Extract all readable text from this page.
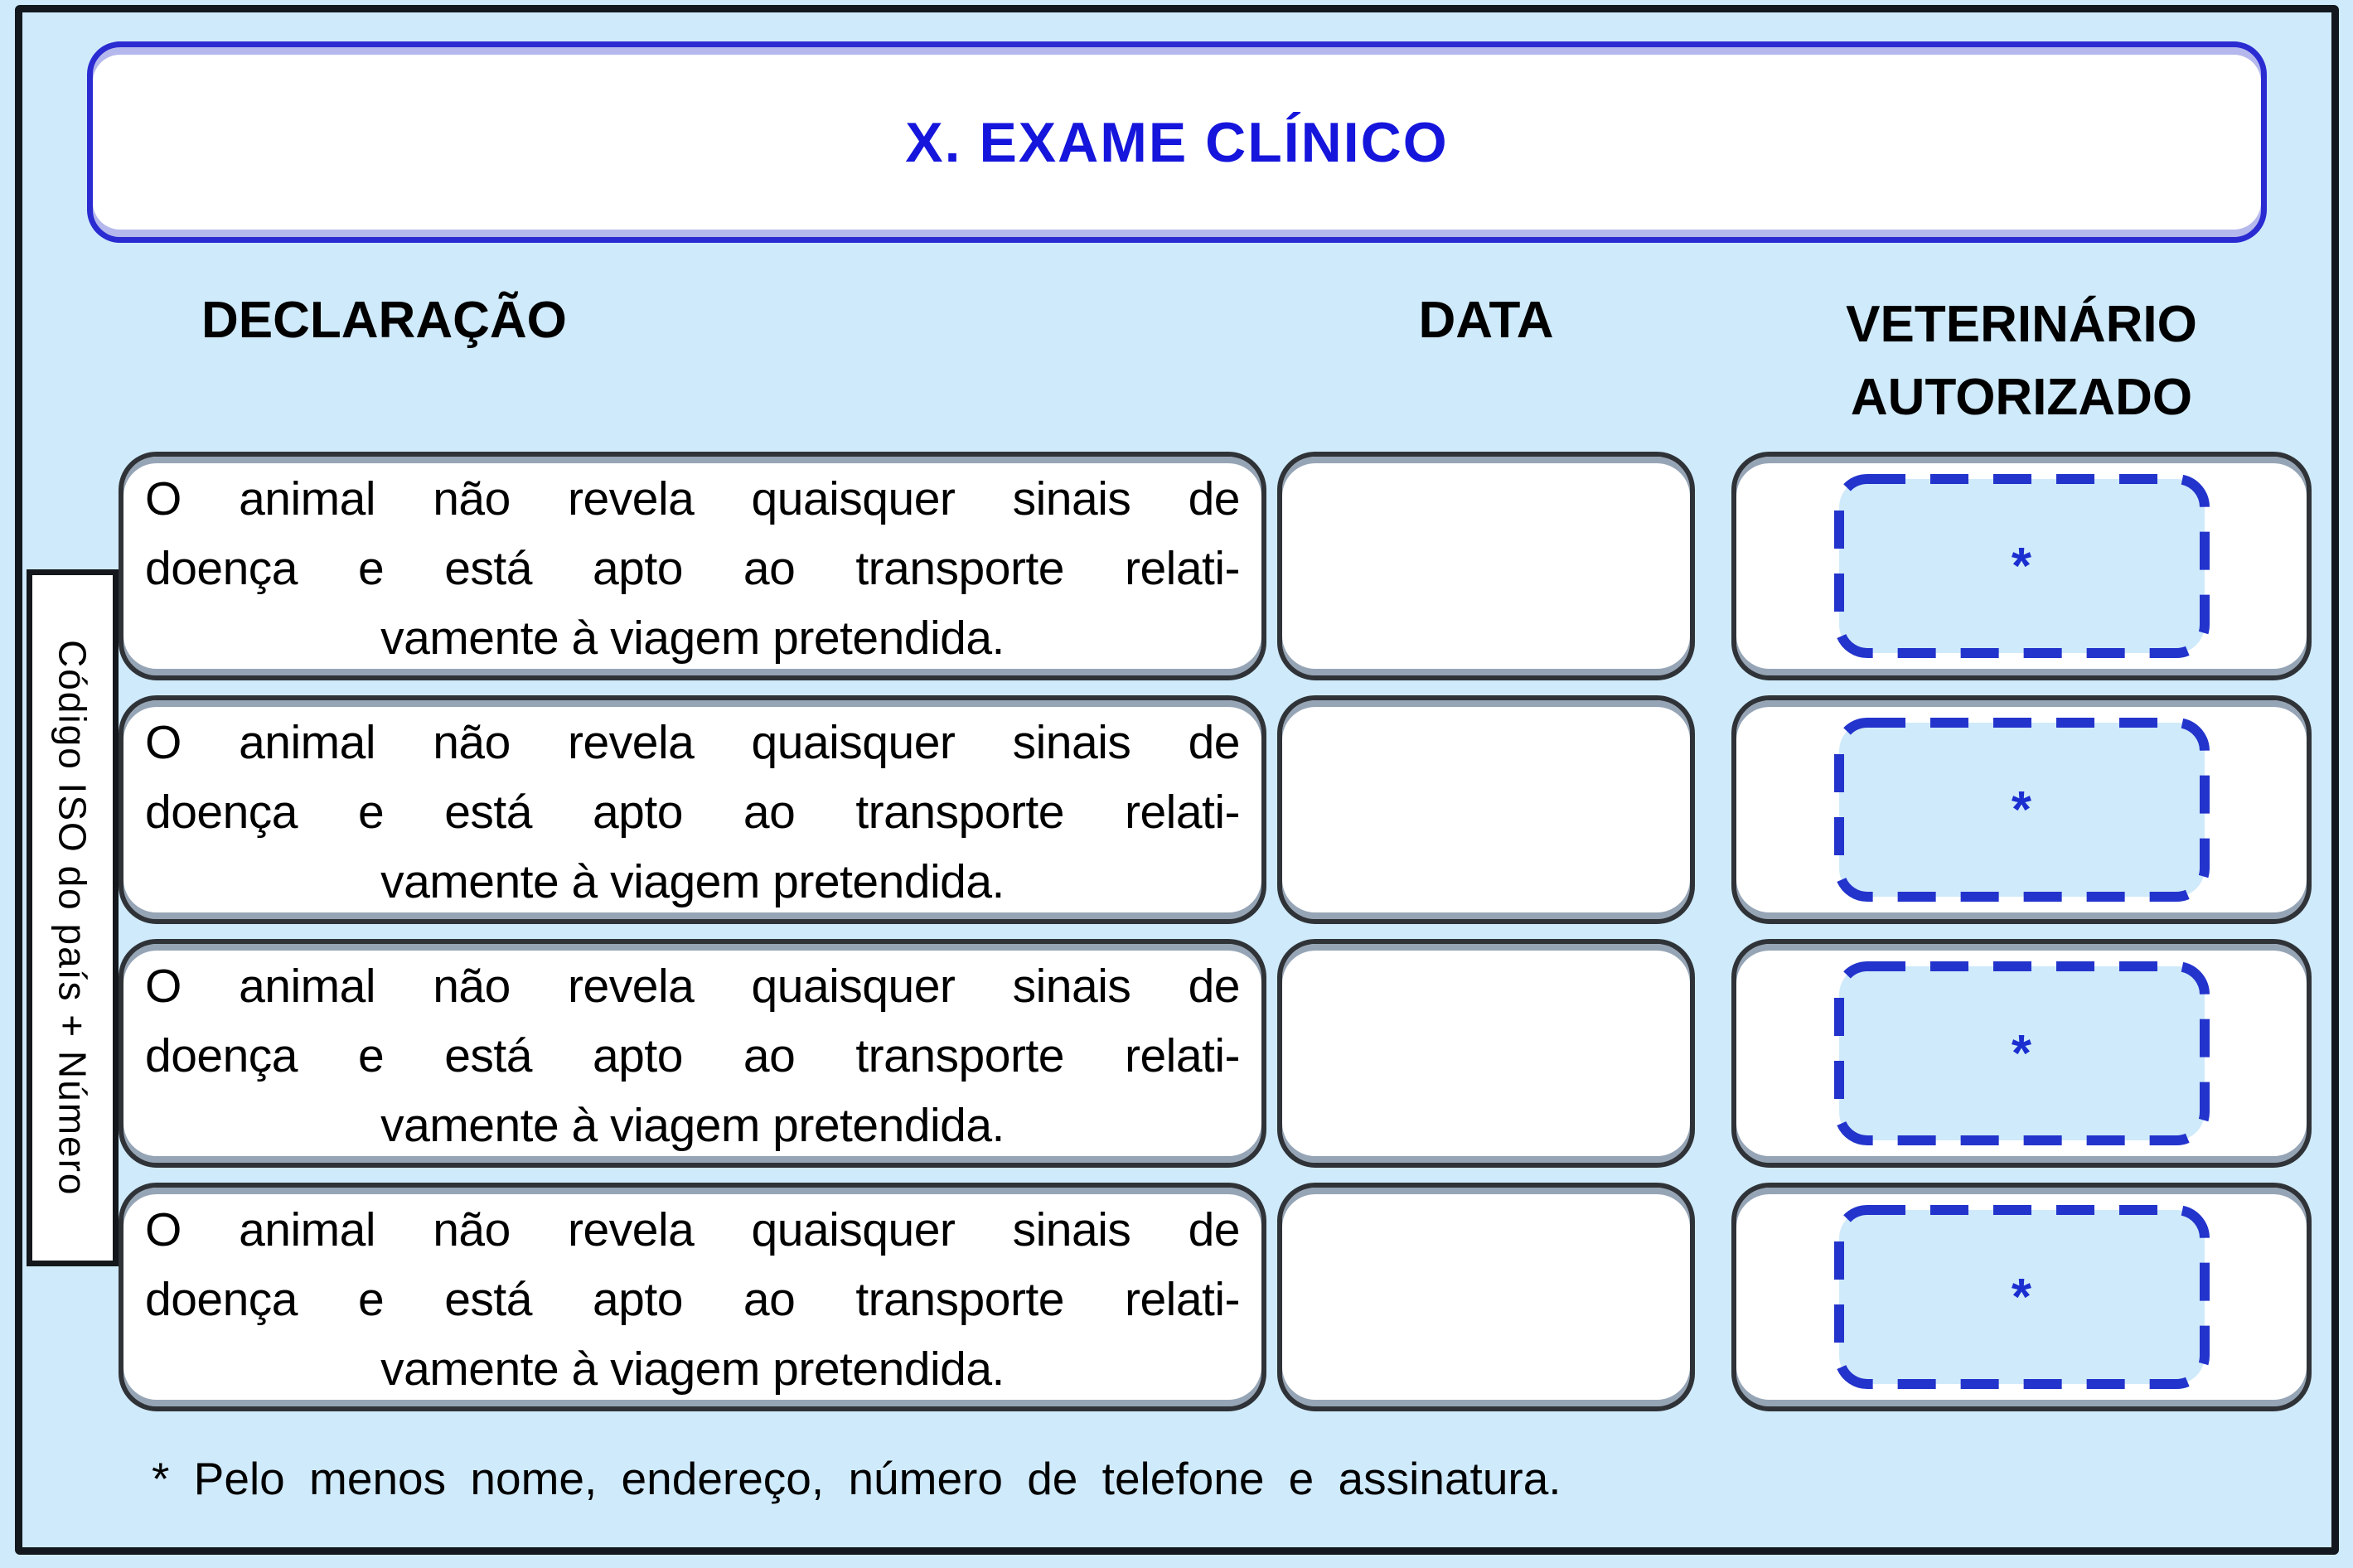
X. EXAME CLÍNICO
DECLARAÇÃO	DATA	VETERINÁRIO
AUTORIZADO
Código ISO do país + Número
O animal não revela quaisquer sinais de
doença e está apto ao transporte relati-
vamente à viagem pretendida.
*
O animal não revela quaisquer sinais de
doença e está apto ao transporte relati-
vamente à viagem pretendida.
*
O animal não revela quaisquer sinais de
doença e está apto ao transporte relati-
vamente à viagem pretendida.
*
O animal não revela quaisquer sinais de
doença e está apto ao transporte relati-
vamente à viagem pretendida.
*
* Pelo menos nome, endereço, número de telefone e assinatura.
